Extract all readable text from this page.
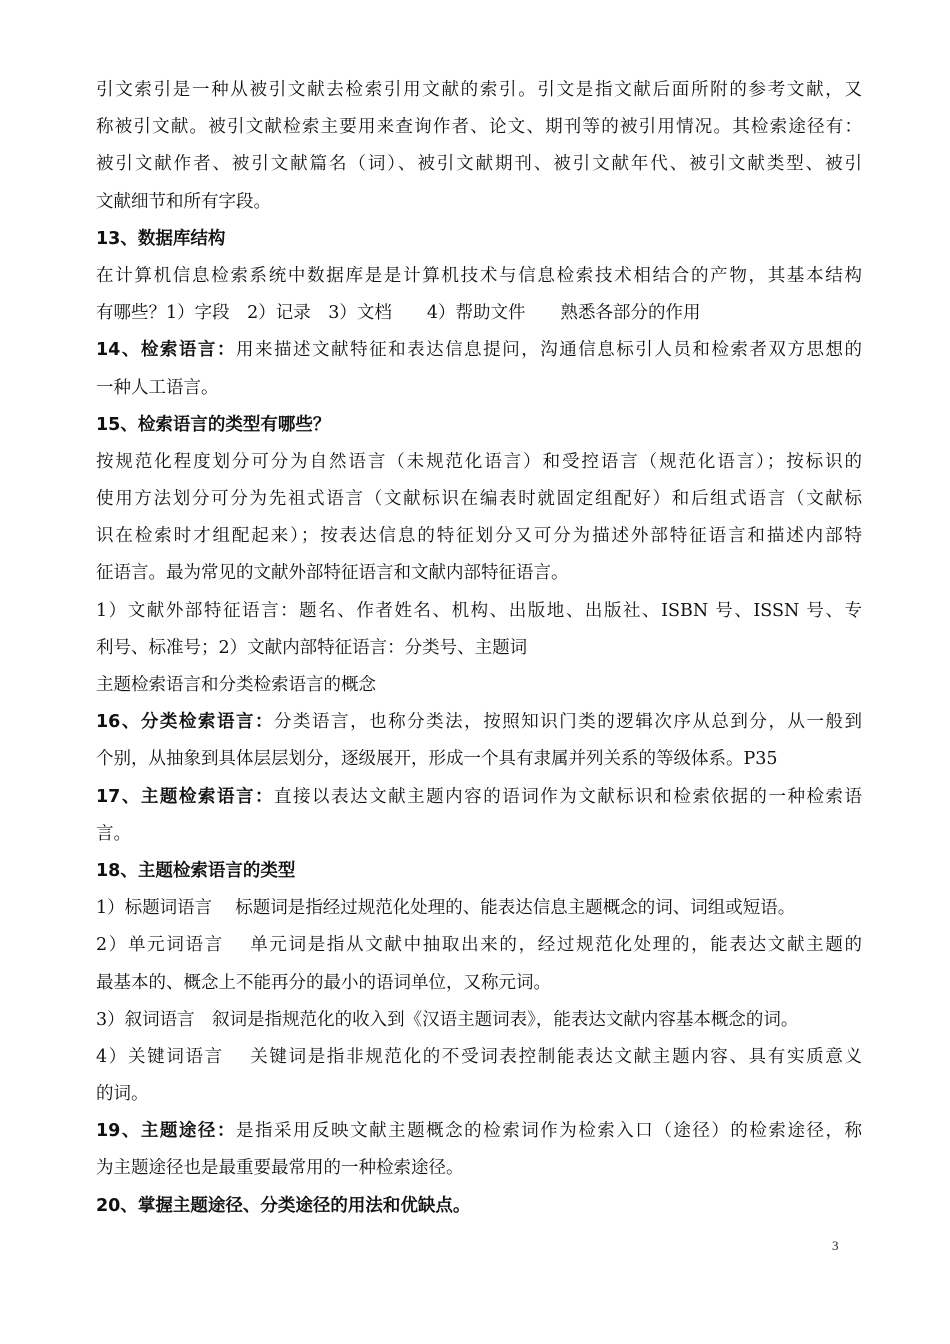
引文索引是一种从被引文献去检索引用文献的索引。引文是指文献后面所附的参考文献，又
称被引文献。被引文献检索主要用来查询作者、论文、期刊等的被引用情况。其检索途径有：
被引文献作者、被引文献篇名（词）、被引文献期刊、被引文献年代、被引文献类型、被引
文献细节和所有字段。
13、数据库结构
在计算机信息检索系统中数据库是是计算机技术与信息检索技术相结合的产物，其基本结构
有哪些？1）字段　2）记录　3）文档　　4）帮助文件　　熟悉各部分的作用
14、检索语言：用来描述文献特征和表达信息提问，沟通信息标引人员和检索者双方思想的
一种人工语言。
15、检索语言的类型有哪些？
按规范化程度划分可分为自然语言（未规范化语言）和受控语言（规范化语言）；按标识的
使用方法划分可分为先祖式语言（文献标识在编表时就固定组配好）和后组式语言（文献标
识在检索时才组配起来）；按表达信息的特征划分又可分为描述外部特征语言和描述内部特
征语言。最为常见的文献外部特征语言和文献内部特征语言。
1）文献外部特征语言：题名、作者姓名、机构、出版地、出版社、ISBN 号、ISSN 号、专
利号、标准号；2）文献内部特征语言：分类号、主题词
主题检索语言和分类检索语言的概念
16、分类检索语言：分类语言，也称分类法，按照知识门类的逻辑次序从总到分，从一般到
个别，从抽象到具体层层划分，逐级展开，形成一个具有隶属并列关系的等级体系。P35
17、主题检索语言：直接以表达文献主题内容的语词作为文献标识和检索依据的一种检索语
言。
18、主题检索语言的类型
1）标题词语言　 标题词是指经过规范化处理的、能表达信息主题概念的词、词组或短语。
2）单元词语言　 单元词是指从文献中抽取出来的，经过规范化处理的，能表达文献主题的
最基本的、概念上不能再分的最小的语词单位，又称元词。
3）叙词语言　叙词是指规范化的收入到《汉语主题词表》，能表达文献内容基本概念的词。
4）关键词语言　 关键词是指非规范化的不受词表控制能表达文献主题内容、具有实质意义
的词。
19、主题途径：是指采用反映文献主题概念的检索词作为检索入口（途径）的检索途径，称
为主题途径也是最重要最常用的一种检索途径。
20、掌握主题途径、分类途径的用法和优缺点。
3
